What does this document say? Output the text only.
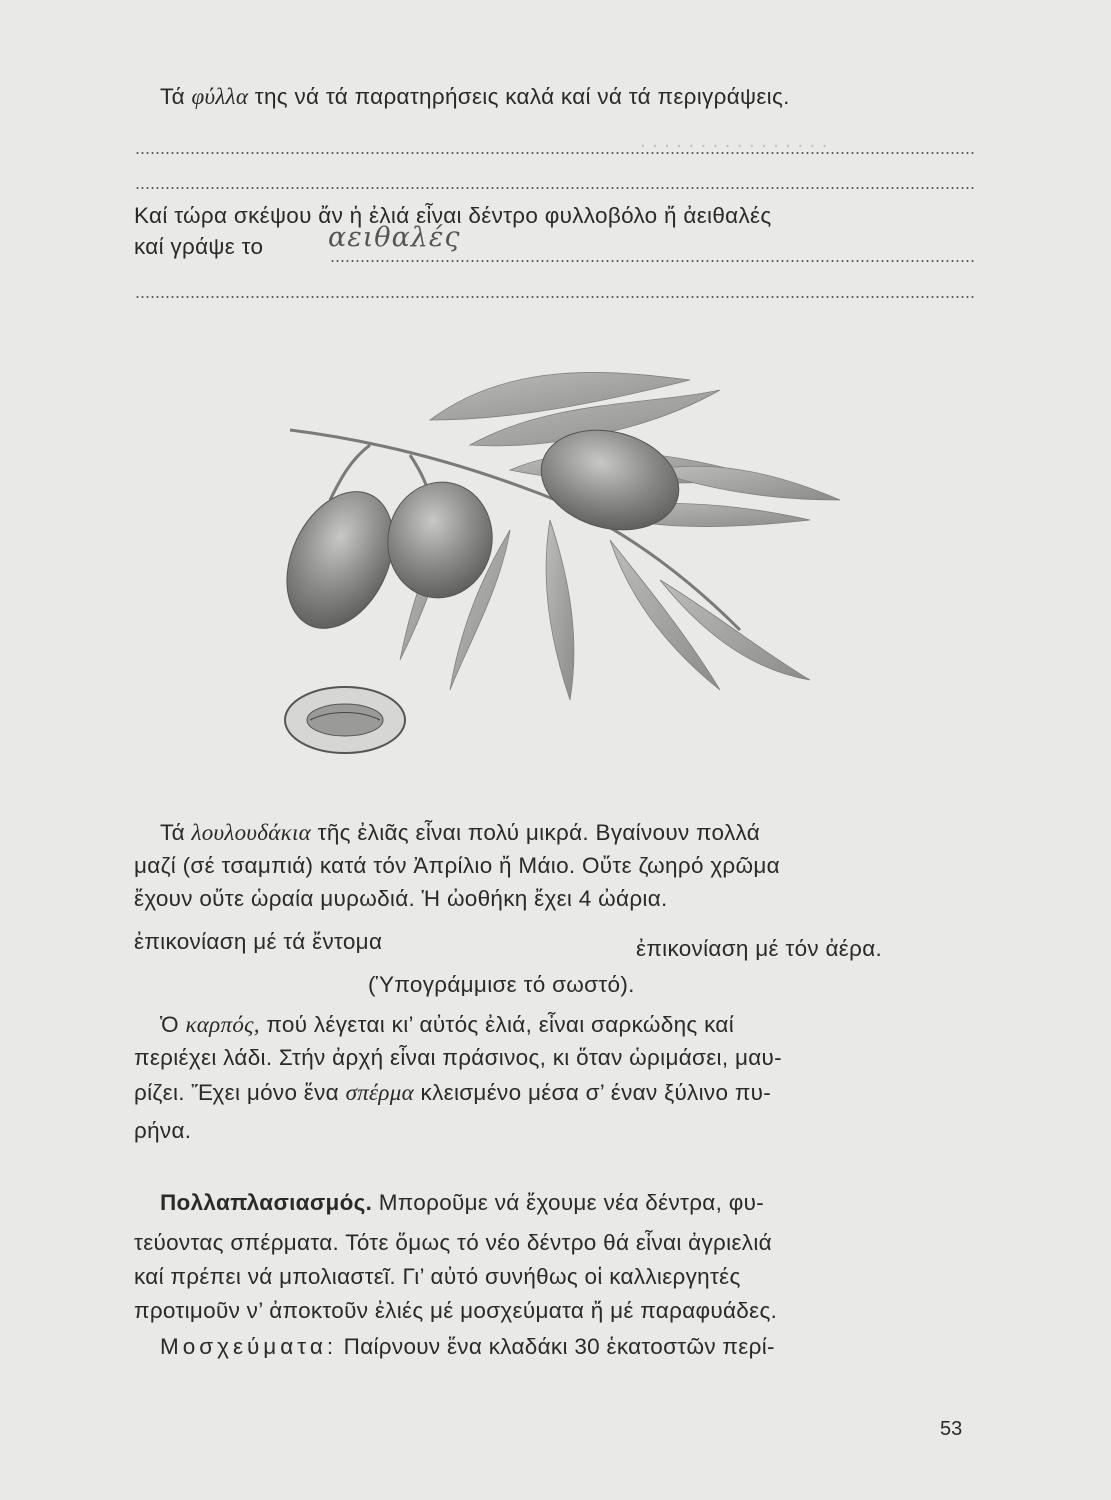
. . . . . . . . . . . . . . . .
Τά φύλλα της νά τά παρατηρήσεις καλά καί νά τά περιγράψεις.
Καί τώρα σκέψου ἄν ἡ ἐλιά εἶναι δέντρο φυλλοβόλο ἤ ἀειθαλές
καί γράψε το αειθαλές
Τά λουλουδάκια τῆς ἐλιᾶς εἶναι πολύ μικρά. Βγαίνουν πολλά
μαζί (σέ τσαμπιά) κατά τόν Ἀπρίλιο ἤ Μάιο. Οὔτε ζωηρό χρῶμα
ἔχουν οὔτε ὡραία μυρωδιά. Ἡ ὠοθήκη ἔχει 4 ὠάρια.
ἐπικονίαση μέ τά ἔντομα	ἐπικονίαση μέ τόν ἀέρα.
(Ὑπογράμμισε τό σωστό).
Ὁ καρπός, πού λέγεται κι’ αὐτός ἐλιά, εἶναι σαρκώδης καί
περιέχει λάδι. Στήν ἀρχή εἶναι πράσινος, κι ὅταν ὡριμάσει, μαυ-
ρίζει. Ἔχει μόνο ἕνα σπέρμα κλεισμένο μέσα σ’ έναν ξύλινο πυ-
ρήνα.
Πολλαπλασιασμός. Μποροῦμε νά ἔχουμε νέα δέντρα, φυ-
τεύοντας σπέρματα. Τότε ὅμως τό νέο δέντρο θά εἶναι ἀγριελιά
καί πρέπει νά μπολιαστεῖ. Γι’ αὐτό συνήθως οἱ καλλιεργητές
προτιμοῦν ν’ ἀποκτοῦν ἐλιές μέ μοσχεύματα ἤ μέ παραφυάδες.
Μοσχεύματα: Παίρνουν ἕνα κλαδάκι 30 ἑκατοστῶν περί-
53
